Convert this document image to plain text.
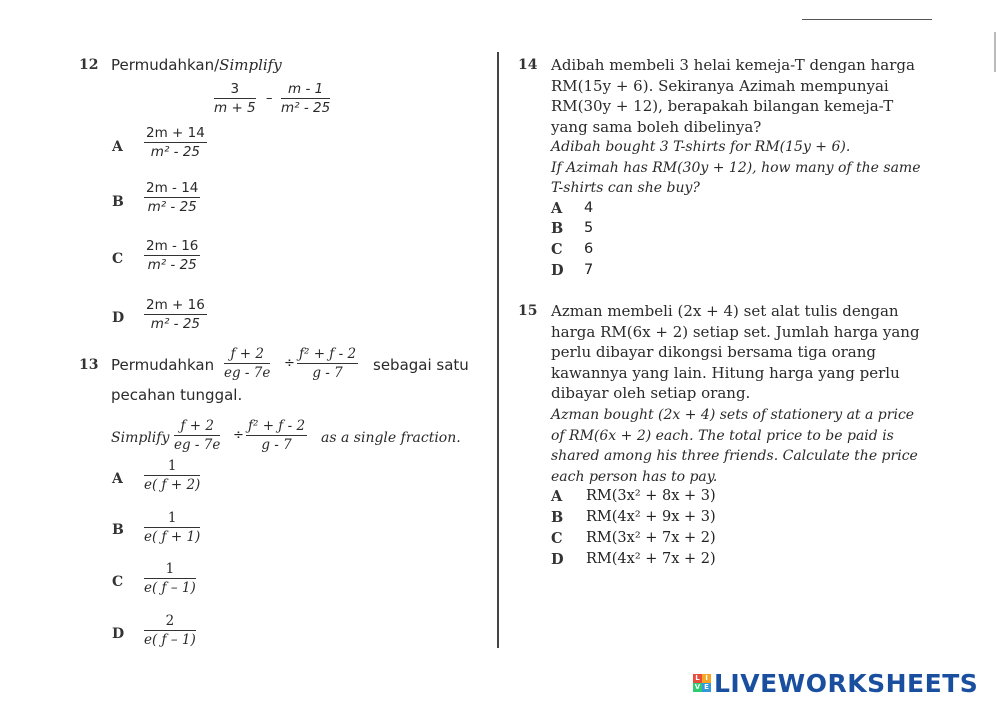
12 Permudahkan/Simplify
$\frac{3}{m + 5} - \frac{m - 1}{\text{m² - 25}}$
A $\frac{2m + 14}{\text{m² - 25}}$
B $\frac{2m - 14}{\text{m² - 25}}$
C $\frac{2m - 16}{\text{m² - 25}}$
D $\frac{2m + 16}{\text{m² - 25}}$
13 Permudahkan $\frac{ƒ + 2}{eg - 7e} \div \frac{\text{ƒ² + ƒ - 2}}{g - 7}$ sebagai satu
pecahan tunggal.
Simplify $\frac{ƒ + 2}{eg - 7e} \div \frac{\text{ƒ² + ƒ - 2}}{g - 7}$ as a single fraction.
A $\frac{1}{e( ƒ + 2)}$
B $\frac{1}{e( ƒ + 1)}$
C $\frac{1}{e( ƒ - 1)}$
D $\frac{2}{e( ƒ - 1)}$
14 Adibah membeli 3 helai kemeja-T dengan harga
RM(15y + 6). Sekiranya Azimah mempunyai
RM(30y + 12), berapakah bilangan kemeja-T
yang sama boleh dibelinya?
Adibah bought 3 T-shirts for RM(15y + 6).
If Azimah has RM(30y + 12), how many of the same
T-shirts can she buy?
A 4
B 5
C 6
D 7
15 Azman membeli (2x + 4) set alat tulis dengan
harga RM(6x + 2) setiap set. Jumlah harga yang
perlu dibayar dikongsi bersama tiga orang
kawannya yang lain. Hitung harga yang perlu
dibayar oleh setiap orang.
Azman bought (2x + 4) sets of stationery at a price
of RM(6x + 2) each. The total price to be paid is
shared among his three friends. Calculate the price
each person has to pay.
A RM(3x² + 8x + 3)
B RM(4x² + 9x + 3)
C RM(3x² + 7x + 2)
D RM(4x² + 7x + 2)
L I
V E LIVEWORKSHEETS
